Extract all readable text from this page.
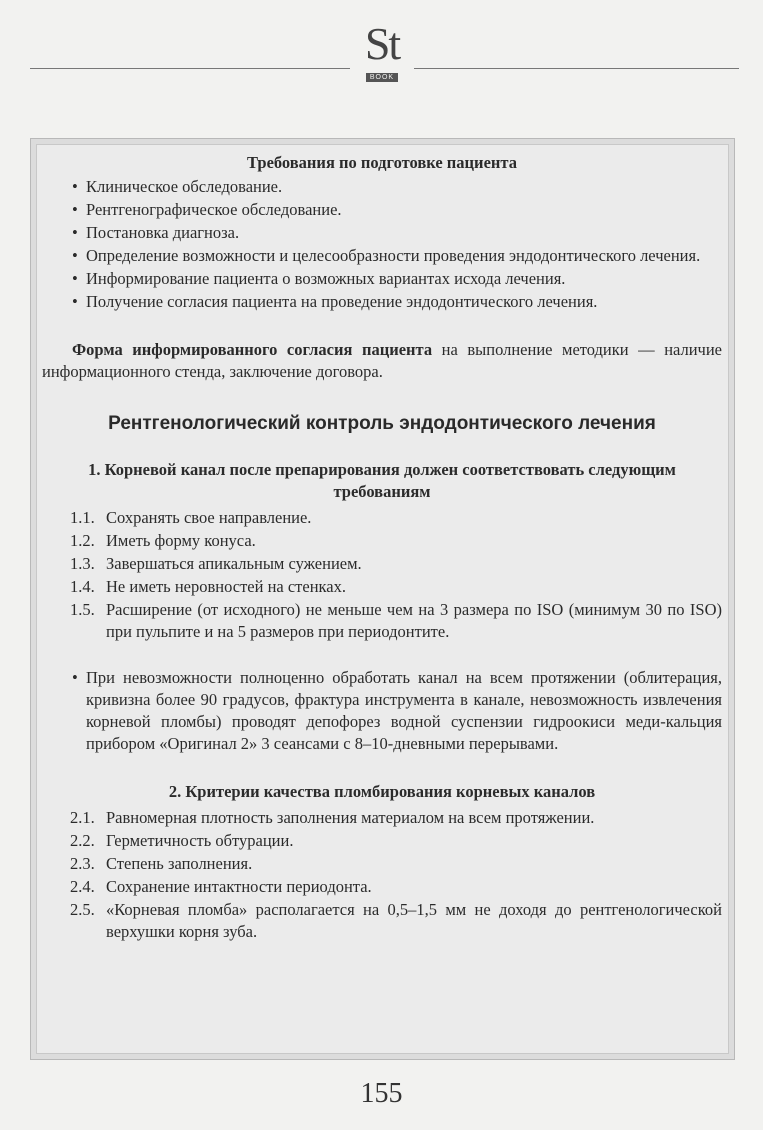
St
BOOK

Требования по подготовке пациента

• Клиническое обследование.
• Рентгенографическое обследование.
• Постановка диагноза.
• Определение возможности и целесообразности проведения эндодонтического лечения.
• Информирование пациента о возможных вариантах исхода лечения.
• Получение согласия пациента на проведение эндодонтического лечения.

Форма информированного согласия пациента на выполнение методики — наличие информационного стенда, заключение договора.

Рентгенологический контроль эндодонтического лечения

1. Корневой канал после препарирования должен соответствовать следующим требованиям

1.1. Сохранять свое направление.
1.2. Иметь форму конуса.
1.3. Завершаться апикальным сужением.
1.4. Не иметь неровностей на стенках.
1.5. Расширение (от исходного) не меньше чем на 3 размера по ISO (минимум 30 по ISO) при пульпите и на 5 размеров при периодонтите.
• При невозможности полноценно обработать канал на всем протяжении (облитерация, кривизна более 90 градусов, фрактура инструмента в канале, невозможность извлечения корневой пломбы) проводят депофорез водной суспензии гидроокиси меди-кальция прибором «Оригинал 2» 3 сеансами с 8–10-дневными перерывами.

2. Критерии качества пломбирования корневых каналов

2.1. Равномерная плотность заполнения материалом на всем протяжении.
2.2. Герметичность обтурации.
2.3. Степень заполнения.
2.4. Сохранение интактности периодонта.
2.5. «Корневая пломба» располагается на 0,5–1,5 мм не доходя до рентгенологической верхушки корня зуба.
155
